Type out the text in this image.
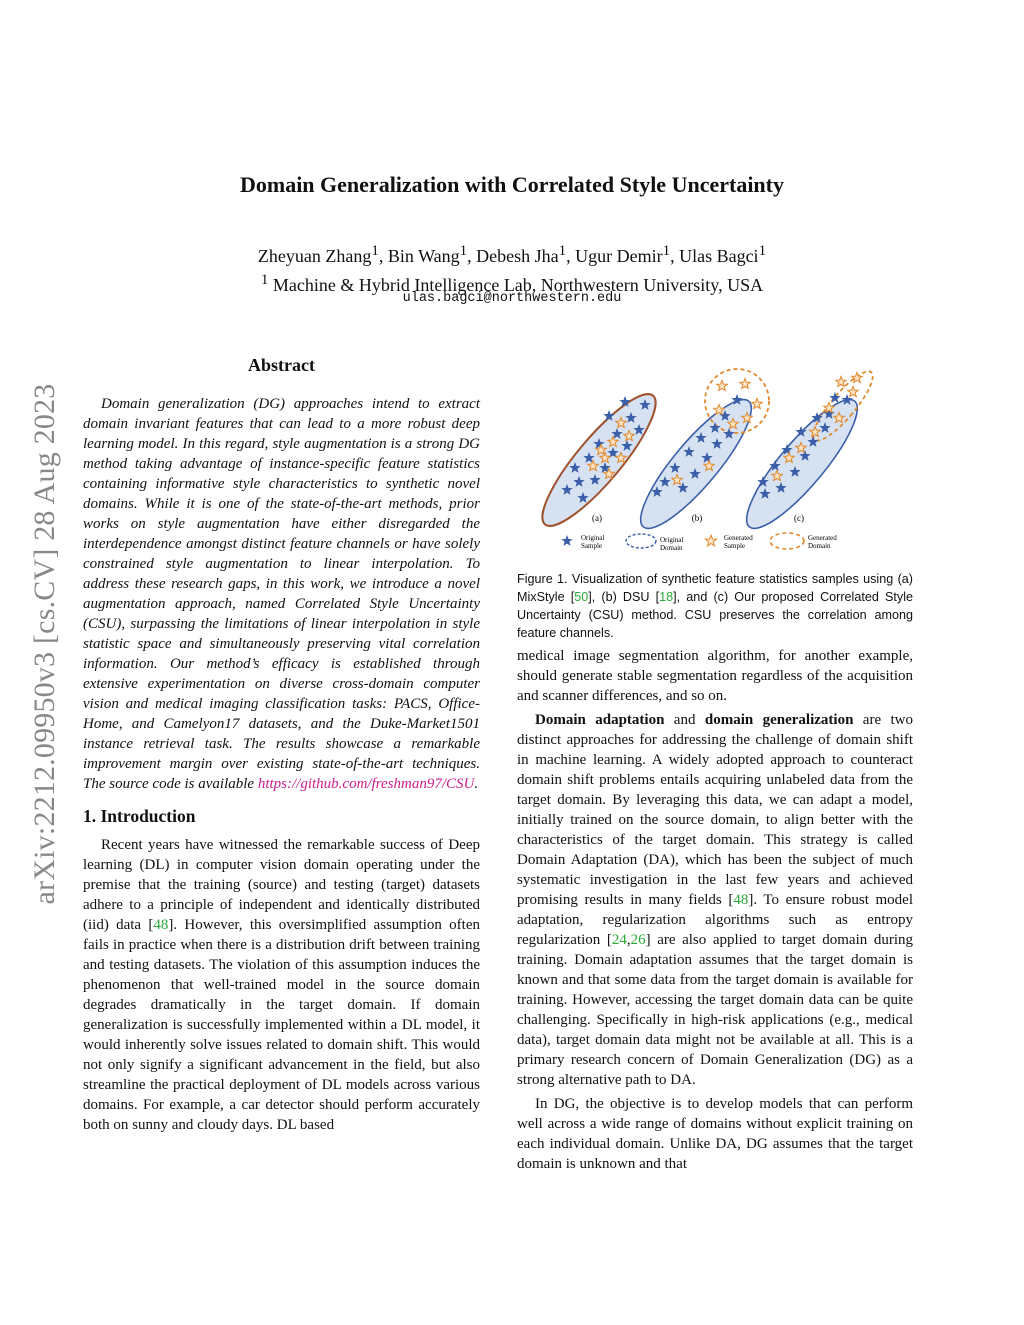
arXiv:2212.09950v3 [cs.CV] 28 Aug 2023
Domain Generalization with Correlated Style Uncertainty
Zheyuan Zhang$^1$, Bin Wang$^1$, Debesh Jha$^1$, Ugur Demir$^1$, Ulas Bagci$^1$
$^1$ Machine & Hybrid Intelligence Lab, Northwestern University, USA
ulas.bagci@northwestern.edu
Abstract

Domain generalization (DG) approaches intend to extract domain invariant features that can lead to a more robust deep learning model. In this regard, style augmentation is a strong DG method taking advantage of instance-specific feature statistics containing informative style characteristics to synthetic novel domains. While it is one of the state-of-the-art methods, prior works on style augmentation have either disregarded the interdependence amongst distinct feature channels or have solely constrained style augmentation to linear interpolation. To address these research gaps, in this work, we introduce a novel augmentation approach, named Correlated Style Uncertainty (CSU), surpassing the limitations of linear interpolation in style statistic space and simultaneously preserving vital correlation information. Our method’s efficacy is established through extensive experimentation on diverse cross-domain computer vision and medical imaging classification tasks: PACS, Office-Home, and Camelyon17 datasets, and the Duke-Market1501 instance retrieval task. The results showcase a remarkable improvement margin over existing state-of-the-art techniques. The source code is available https://github.com/freshman97/CSU.

1. Introduction

Recent years have witnessed the remarkable success of Deep learning (DL) in computer vision domain operating under the premise that the training (source) and testing (target) datasets adhere to a principle of independent and identically distributed (iid) data [48]. However, this oversimplified assumption often fails in practice when there is a distribution drift between training and testing datasets. The violation of this assumption induces the phenomenon that well-trained model in the source domain degrades dramatically in the target domain. If domain generalization is successfully implemented within a DL model, it would inherently solve issues related to domain shift. This would not only signify a significant advancement in the field, but also streamline the practical deployment of DL models across various domains. For example, a car detector should perform accurately both on sunny and cloudy days. DL based

(a)	(b)	(c)
Original
Sample
Original
Domain
Generated
Sample
Generated
Domain

Figure 1. Visualization of synthetic feature statistics samples using (a) MixStyle [50], (b) DSU [18], and (c) Our proposed Correlated Style Uncertainty (CSU) method. CSU preserves the correlation among feature channels.

medical image segmentation algorithm, for another example, should generate stable segmentation regardless of the acquisition and scanner differences, and so on.

Domain adaptation and domain generalization are two distinct approaches for addressing the challenge of domain shift in machine learning. A widely adopted approach to counteract domain shift problems entails acquiring unlabeled data from the target domain. By leveraging this data, we can adapt a model, initially trained on the source domain, to align better with the characteristics of the target domain. This strategy is called Domain Adaptation (DA), which has been the subject of much systematic investigation in the last few years and achieved promising results in many fields [48]. To ensure robust model adaptation, regularization algorithms such as entropy regularization [24,26] are also applied to target domain during training. Domain adaptation assumes that the target domain is known and that some data from the target domain is available for training. However, accessing the target domain data can be quite challenging. Specifically in high-risk applications (e.g., medical data), target domain data might not be available at all. This is a primary research concern of Domain Generalization (DG) as a strong alternative path to DA.

In DG, the objective is to develop models that can perform well across a wide range of domains without explicit training on each individual domain. Unlike DA, DG assumes that the target domain is unknown and that
